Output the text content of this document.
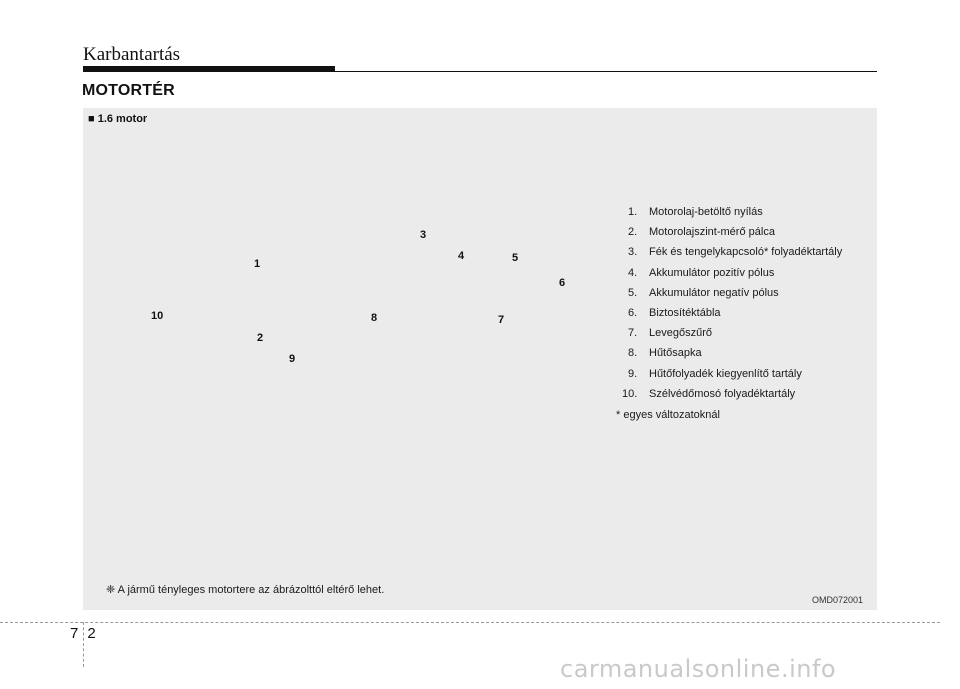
Karbantartás
MOTORTÉR
■ 1.6 motor
1
2
3
4	5
6
7
8
9
10
1.	Motorolaj-betöltő nyílás
2.	Motorolajszint-mérő pálca
3.	Fék és tengelykapcsoló* folyadéktartály
4.	Akkumulátor pozitív pólus
5.	Akkumulátor negatív pólus
6.	Biztosítéktábla
7.	Levegőszűrő
8.	Hűtősapka
9.	Hűtőfolyadék kiegyenlítő tartály
10.	Szélvédőmosó folyadéktartály
* egyes változatoknál
❈ A jármű tényleges motortere az ábrázolttól eltérő lehet.
OMD072001
72
carmanualsonline.info
